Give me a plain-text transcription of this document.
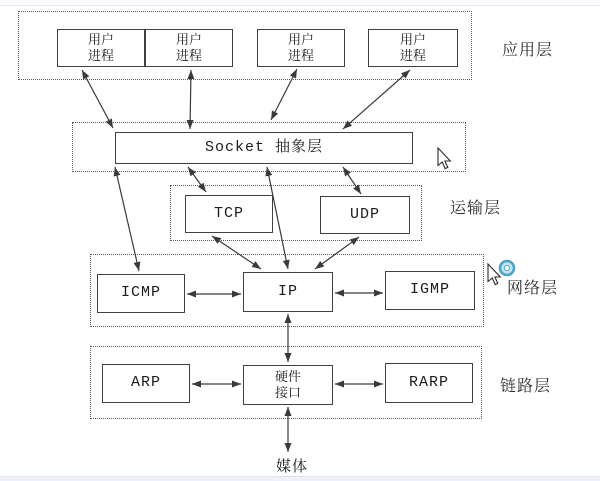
用户
进程
用户
进程
用户
进程
用户
进程
Socket 抽象层
TCP	UDP
ICMP	IP	IGMP
ARP	硬件
接口
RARP
应用层
运输层
网络层
链路层
媒体
